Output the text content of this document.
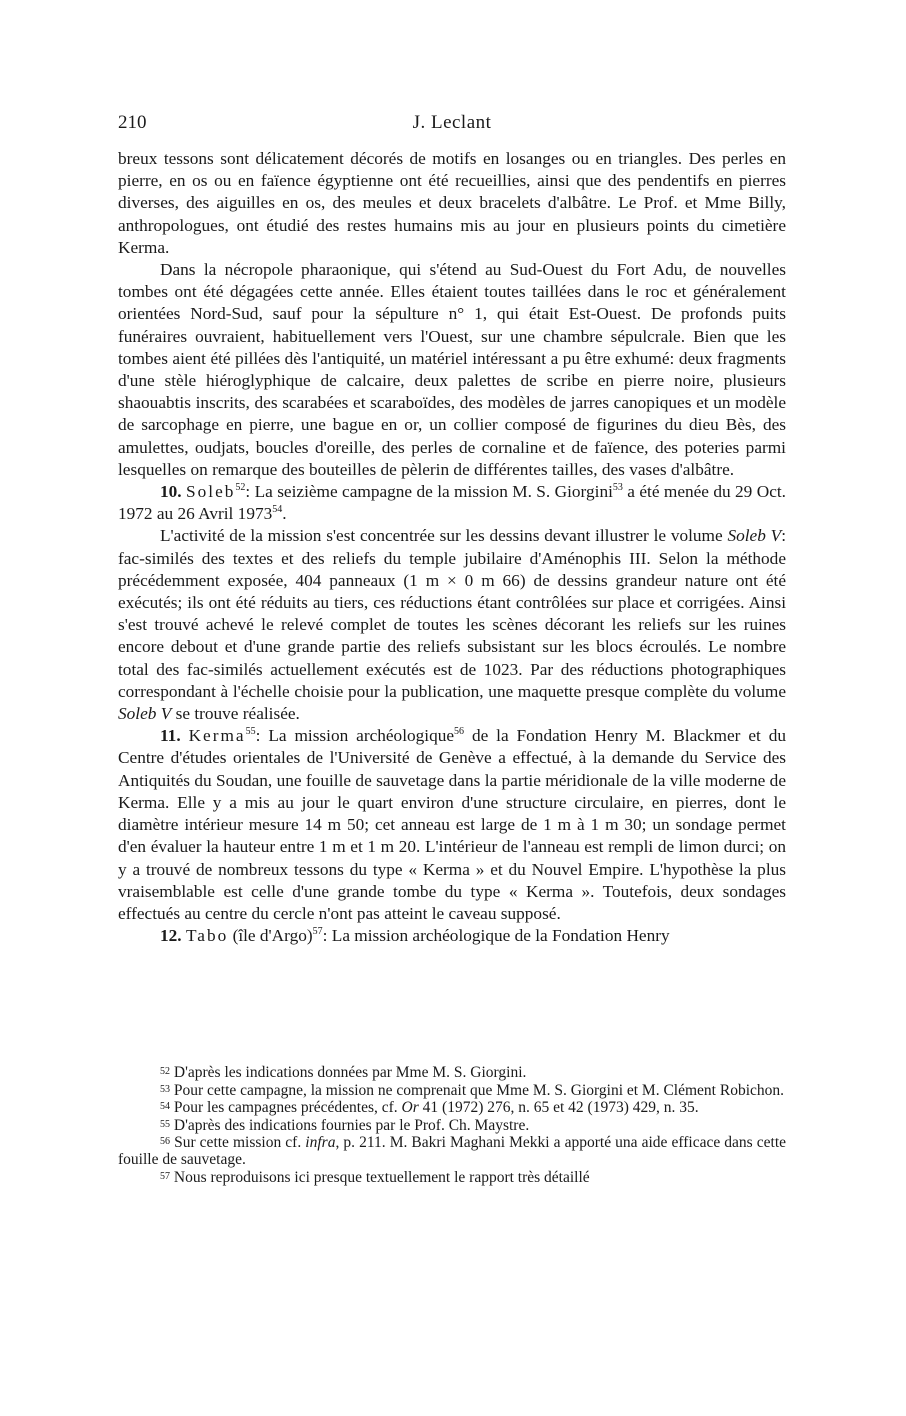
210	J. Leclant

breux tessons sont délicatement décorés de motifs en losanges ou en triangles. Des perles en pierre, en os ou en faïence égyptienne ont été recueillies, ainsi que des pendentifs en pierres diverses, des aiguilles en os, des meules et deux bracelets d'albâtre. Le Prof. et Mme Billy, anthropologues, ont étudié des restes humains mis au jour en plusieurs points du cimetière Kerma.

Dans la nécropole pharaonique, qui s'étend au Sud-Ouest du Fort Adu, de nouvelles tombes ont été dégagées cette année. Elles étaient toutes taillées dans le roc et généralement orientées Nord-Sud, sauf pour la sépulture n° 1, qui était Est-Ouest. De profonds puits funéraires ouvraient, habituellement vers l'Ouest, sur une chambre sépulcrale. Bien que les tombes aient été pillées dès l'antiquité, un matériel intéressant a pu être exhumé: deux fragments d'une stèle hiéroglyphique de calcaire, deux palettes de scribe en pierre noire, plusieurs shaouabtis inscrits, des scarabées et scaraboïdes, des modèles de jarres canopiques et un modèle de sarcophage en pierre, une bague en or, un collier composé de figurines du dieu Bès, des amulettes, oudjats, boucles d'oreille, des perles de cornaline et de faïence, des poteries parmi lesquelles on remarque des bouteilles de pèlerin de différentes tailles, des vases d'albâtre.

10. Soleb$^{52}$: La seizième campagne de la mission M. S. Giorgini$^{53}$ a été menée du 29 Oct. 1972 au 26 Avril 1973$^{54}$.

L'activité de la mission s'est concentrée sur les dessins devant illustrer le volume Soleb V: fac-similés des textes et des reliefs du temple jubilaire d'Aménophis III. Selon la méthode précédemment exposée, 404 panneaux (1 m × 0 m 66) de dessins grandeur nature ont été exécutés; ils ont été réduits au tiers, ces réductions étant contrôlées sur place et corrigées. Ainsi s'est trouvé achevé le relevé complet de toutes les scènes décorant les reliefs sur les ruines encore debout et d'une grande partie des reliefs subsistant sur les blocs écroulés. Le nombre total des fac-similés actuellement exécutés est de 1023. Par des réductions photographiques correspondant à l'échelle choisie pour la publication, une maquette presque complète du volume Soleb V se trouve réalisée.

11. Kerma$^{55}$: La mission archéologique$^{56}$ de la Fondation Henry M. Blackmer et du Centre d'études orientales de l'Université de Genève a effectué, à la demande du Service des Antiquités du Soudan, une fouille de sauvetage dans la partie méridionale de la ville moderne de Kerma. Elle y a mis au jour le quart environ d'une structure circulaire, en pierres, dont le diamètre intérieur mesure 14 m 50; cet anneau est large de 1 m à 1 m 30; un sondage permet d'en évaluer la hauteur entre 1 m et 1 m 20. L'intérieur de l'anneau est rempli de limon durci; on y a trouvé de nombreux tessons du type « Kerma » et du Nouvel Empire. L'hypothèse la plus vraisemblable est celle d'une grande tombe du type « Kerma ». Toutefois, deux sondages effectués au centre du cercle n'ont pas atteint le caveau supposé.

12. Tabo (île d'Argo)$^{57}$: La mission archéologique de la Fondation Henry

52 D'après les indications données par Mme M. S. Giorgini.

53 Pour cette campagne, la mission ne comprenait que Mme M. S. Giorgini et M. Clément Robichon.

54 Pour les campagnes précédentes, cf. Or 41 (1972) 276, n. 65 et 42 (1973) 429, n. 35.

55 D'après des indications fournies par le Prof. Ch. Maystre.

56 Sur cette mission cf. infra, p. 211. M. Bakri Maghani Mekki a apporté una aide efficace dans cette fouille de sauvetage.

57 Nous reproduisons ici presque textuellement le rapport très détaillé
